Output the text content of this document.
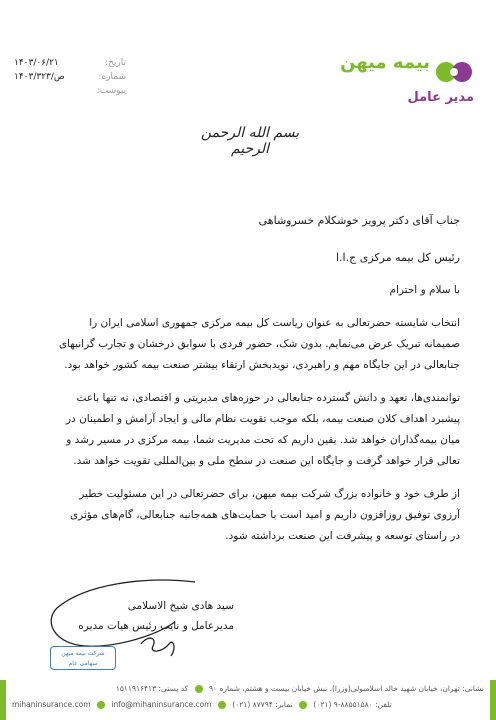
بیمه میهن
مدیر عامل
تاریخ:
۱۴۰۳/۰۶/۲۱
شماره:
۱۴۰۳/ص/۳۲۳
پیوست:
بسم الله الرحمن الرحیم
جناب آقای دکتر پرویز خوشکلام خسروشاهی
رئیس کل بیمه مرکزی ج.ا.ا
با سلام و احترام
انتخاب شایسته حضرتعالی به عنوان ریاست کل بیمه مرکزی جمهوری اسلامی ایران را
صمیمانه تبریک عرض می‌نمایم. بدون شک، حضور فردی با سوابق درخشان و تجارب گرانبهای
جنابعالی در این جایگاه مهم و راهبردی، نویدبخش ارتقاء بیشتر صنعت بیمه کشور خواهد بود.
توانمندی‌ها، تعهد و دانش گسترده جنابعالی در حوزه‌های مدیریتی و اقتصادی، نه تنها باعث
پیشبرد اهداف کلان صنعت بیمه، بلکه موجب تقویت نظام مالی و ایجاد آرامش و اطمینان در
میان بیمه‌گذاران خواهد شد. یقین داریم که تحت مدیریت شما، بیمه مرکزی در مسیر رشد و
تعالی قرار خواهد گرفت و جایگاه این صنعت در سطح ملی و بین‌المللی تقویت خواهد شد.
از طرف خود و خانواده بزرگ شرکت بیمه میهن، برای حضرتعالی در این مسئولیت خطیر
آرزوی توفیق روزافزون داریم و امید است با حمایت‌های همه‌جانبه جنابعالی، گام‌های مؤثری
در راستای توسعه و پیشرفت این صنعت برداشته شود.
سید هادی شیخ الاسلامی
مدیرعامل و نایب رئیس هیات مدیره
شرکت بیمه میهن
سهامی عام
نشانی: تهران، خیابان شهید خالد اسلامبولی(وزرا)، نبش خیابان بیست و هشتم، شماره ۹۰  کد پستی: ۱۵۱۱۹۱۶۴۱۳
mihaninsurance.com	info@mihaninsurance.com	تلفن: ۸۸۵۵۱۵۸۰-۹ (۰۲۱)  نمابر: ۸۷۷۹۴ (۰۲۱)
